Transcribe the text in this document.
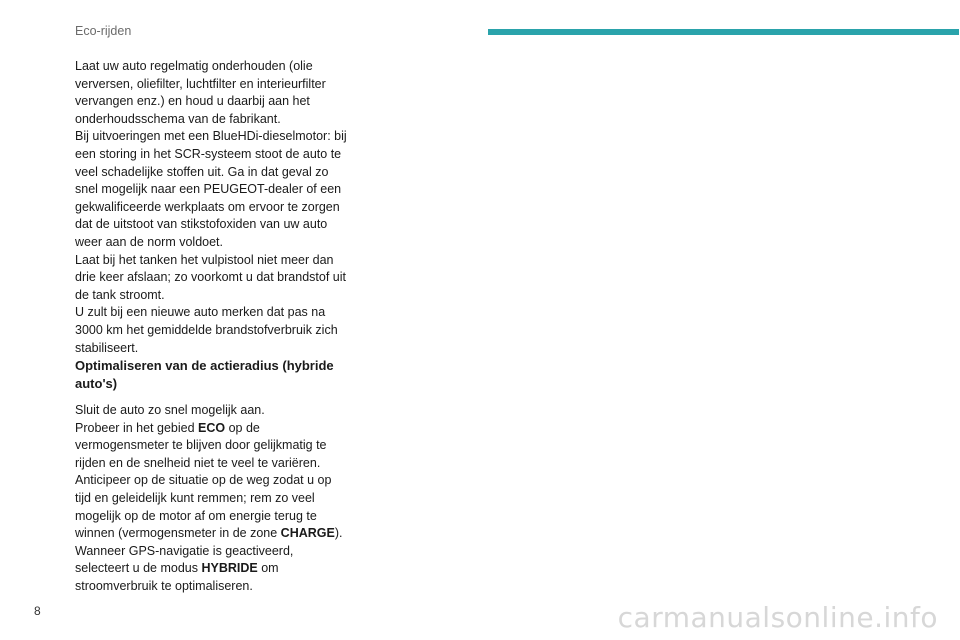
Eco-rijden

Laat uw auto regelmatig onderhouden (olie verversen, oliefilter, luchtfilter en interieurfilter vervangen enz.) en houd u daarbij aan het onderhoudsschema van de fabrikant.

Bij uitvoeringen met een BlueHDi-dieselmotor: bij een storing in het SCR-systeem stoot de auto te veel schadelijke stoffen uit. Ga in dat geval zo snel mogelijk naar een PEUGEOT-dealer of een gekwalificeerde werkplaats om ervoor te zorgen dat de uitstoot van stikstofoxiden van uw auto weer aan de norm voldoet.

Laat bij het tanken het vulpistool niet meer dan drie keer afslaan; zo voorkomt u dat brandstof uit de tank stroomt.

U zult bij een nieuwe auto merken dat pas na 3000 km het gemiddelde brandstofverbruik zich stabiliseert.

Optimaliseren van de actieradius (hybride auto's)

Sluit de auto zo snel mogelijk aan.

Probeer in het gebied ECO op de vermogensmeter te blijven door gelijkmatig te rijden en de snelheid niet te veel te variëren.

Anticipeer op de situatie op de weg zodat u op tijd en geleidelijk kunt remmen; rem zo veel mogelijk op de motor af om energie terug te winnen (vermogensmeter in de zone CHARGE).

Wanneer GPS-navigatie is geactiveerd, selecteert u de modus HYBRIDE om stroomverbruik te optimaliseren.

8	carmanualsonline.info
